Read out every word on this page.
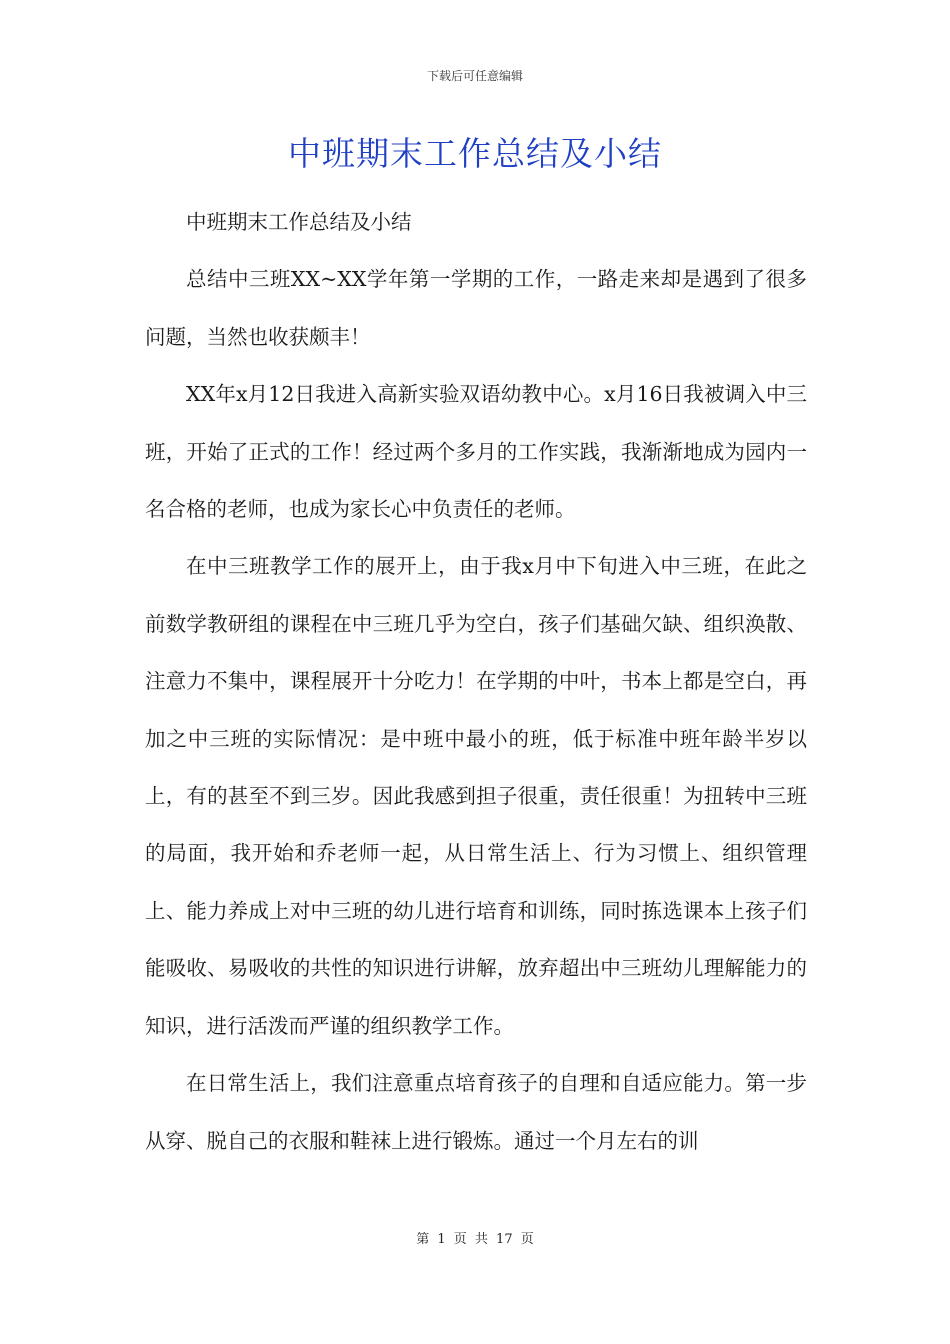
下载后可任意编辑
中班期末工作总结及小结

中班期末工作总结及小结

总结中三班XX~XX学年第一学期的工作，一路走来却是遇到了很多问题，当然也收获颇丰！

XX年x月12日我进入高新实验双语幼教中心。x月16日我被调入中三班，开始了正式的工作！经过两个多月的工作实践，我渐渐地成为园内一名合格的老师，也成为家长心中负责任的老师。

在中三班教学工作的展开上，由于我x月中下旬进入中三班，在此之前数学教研组的课程在中三班几乎为空白，孩子们基础欠缺、组织涣散、注意力不集中，课程展开十分吃力！在学期的中叶，书本上都是空白，再加之中三班的实际情况：是中班中最小的班，低于标准中班年龄半岁以上，有的甚至不到三岁。因此我感到担子很重，责任很重！为扭转中三班的局面，我开始和乔老师一起，从日常生活上、行为习惯上、组织管理上、能力养成上对中三班的幼儿进行培育和训练，同时拣选课本上孩子们能吸收、易吸收的共性的知识进行讲解，放弃超出中三班幼儿理解能力的知识，进行活泼而严谨的组织教学工作。

在日常生活上，我们注意重点培育孩子的自理和自适应能力。第一步从穿、脱自己的衣服和鞋袜上进行锻炼。通过一个月左右的训

第 1 页 共 17 页
